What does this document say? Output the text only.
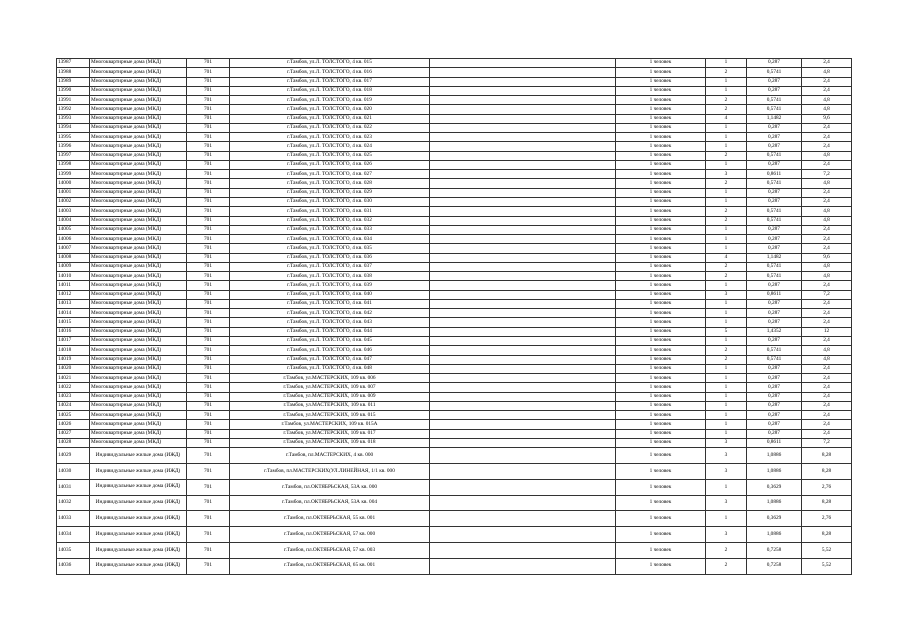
13987	Многоквартирные дома (МКД)	701	г.Тамбов, ул.Л. ТОЛСТОГО, 4 кв. 015		1 человек	1	0,287	2,4
13988	Многоквартирные дома (МКД)	701	г.Тамбов, ул.Л. ТОЛСТОГО, 4 кв. 016		1 человек	2	0,5741	4,8
13989	Многоквартирные дома (МКД)	701	г.Тамбов, ул.Л. ТОЛСТОГО, 4 кв. 017		1 человек	1	0,287	2,4
13990	Многоквартирные дома (МКД)	701	г.Тамбов, ул.Л. ТОЛСТОГО, 4 кв. 018		1 человек	1	0,287	2,4
13991	Многоквартирные дома (МКД)	701	г.Тамбов, ул.Л. ТОЛСТОГО, 4 кв. 019		1 человек	2	0,5741	4,8
13992	Многоквартирные дома (МКД)	701	г.Тамбов, ул.Л. ТОЛСТОГО, 4 кв. 020		1 человек	2	0,5741	4,8
13993	Многоквартирные дома (МКД)	701	г.Тамбов, ул.Л. ТОЛСТОГО, 4 кв. 021		1 человек	4	1,1482	9,6
13994	Многоквартирные дома (МКД)	701	г.Тамбов, ул.Л. ТОЛСТОГО, 4 кв. 022		1 человек	1	0,287	2,4
13995	Многоквартирные дома (МКД)	701	г.Тамбов, ул.Л. ТОЛСТОГО, 4 кв. 023		1 человек	1	0,287	2,4
13996	Многоквартирные дома (МКД)	701	г.Тамбов, ул.Л. ТОЛСТОГО, 4 кв. 024		1 человек	1	0,287	2,4
13997	Многоквартирные дома (МКД)	701	г.Тамбов, ул.Л. ТОЛСТОГО, 4 кв. 025		1 человек	2	0,5741	4,8
13998	Многоквартирные дома (МКД)	701	г.Тамбов, ул.Л. ТОЛСТОГО, 4 кв. 026		1 человек	1	0,287	2,4
13999	Многоквартирные дома (МКД)	701	г.Тамбов, ул.Л. ТОЛСТОГО, 4 кв. 027		1 человек	3	0,8611	7,2
14000	Многоквартирные дома (МКД)	701	г.Тамбов, ул.Л. ТОЛСТОГО, 4 кв. 028		1 человек	2	0,5741	4,8
14001	Многоквартирные дома (МКД)	701	г.Тамбов, ул.Л. ТОЛСТОГО, 4 кв. 029		1 человек	1	0,287	2,4
14002	Многоквартирные дома (МКД)	701	г.Тамбов, ул.Л. ТОЛСТОГО, 4 кв. 030		1 человек	1	0,287	2,4
14003	Многоквартирные дома (МКД)	701	г.Тамбов, ул.Л. ТОЛСТОГО, 4 кв. 031		1 человек	2	0,5741	4,8
14004	Многоквартирные дома (МКД)	701	г.Тамбов, ул.Л. ТОЛСТОГО, 4 кв. 032		1 человек	2	0,5741	4,8
14005	Многоквартирные дома (МКД)	701	г.Тамбов, ул.Л. ТОЛСТОГО, 4 кв. 033		1 человек	1	0,287	2,4
14006	Многоквартирные дома (МКД)	701	г.Тамбов, ул.Л. ТОЛСТОГО, 4 кв. 034		1 человек	1	0,287	2,4
14007	Многоквартирные дома (МКД)	701	г.Тамбов, ул.Л. ТОЛСТОГО, 4 кв. 035		1 человек	1	0,287	2,4
14008	Многоквартирные дома (МКД)	701	г.Тамбов, ул.Л. ТОЛСТОГО, 4 кв. 036		1 человек	4	1,1482	9,6
14009	Многоквартирные дома (МКД)	701	г.Тамбов, ул.Л. ТОЛСТОГО, 4 кв. 037		1 человек	2	0,5741	4,8
14010	Многоквартирные дома (МКД)	701	г.Тамбов, ул.Л. ТОЛСТОГО, 4 кв. 038		1 человек	2	0,5741	4,8
14011	Многоквартирные дома (МКД)	701	г.Тамбов, ул.Л. ТОЛСТОГО, 4 кв. 039		1 человек	1	0,287	2,4
14012	Многоквартирные дома (МКД)	701	г.Тамбов, ул.Л. ТОЛСТОГО, 4 кв. 040		1 человек	3	0,8611	7,2
14013	Многоквартирные дома (МКД)	701	г.Тамбов, ул.Л. ТОЛСТОГО, 4 кв. 041		1 человек	1	0,287	2,4
14014	Многоквартирные дома (МКД)	701	г.Тамбов, ул.Л. ТОЛСТОГО, 4 кв. 042		1 человек	1	0,287	2,4
14015	Многоквартирные дома (МКД)	701	г.Тамбов, ул.Л. ТОЛСТОГО, 4 кв. 043		1 человек	1	0,287	2,4
14016	Многоквартирные дома (МКД)	701	г.Тамбов, ул.Л. ТОЛСТОГО, 4 кв. 044		1 человек	5	1,4352	12
14017	Многоквартирные дома (МКД)	701	г.Тамбов, ул.Л. ТОЛСТОГО, 4 кв. 045		1 человек	1	0,287	2,4
14018	Многоквартирные дома (МКД)	701	г.Тамбов, ул.Л. ТОЛСТОГО, 4 кв. 046		1 человек	2	0,5741	4,8
14019	Многоквартирные дома (МКД)	701	г.Тамбов, ул.Л. ТОЛСТОГО, 4 кв. 047		1 человек	2	0,5741	4,8
14020	Многоквартирные дома (МКД)	701	г.Тамбов, ул.Л. ТОЛСТОГО, 4 кв. 048		1 человек	1	0,287	2,4
14021	Многоквартирные дома (МКД)	701	г.Тамбов, ул.МАСТЕРСКИХ, 109 кв. 006		1 человек	1	0,287	2,4
14022	Многоквартирные дома (МКД)	701	г.Тамбов, ул.МАСТЕРСКИХ, 109 кв. 007		1 человек	1	0,287	2,4
14023	Многоквартирные дома (МКД)	701	г.Тамбов, ул.МАСТЕРСКИХ, 109 кв. 009		1 человек	1	0,287	2,4
14024	Многоквартирные дома (МКД)	701	г.Тамбов, ул.МАСТЕРСКИХ, 109 кв. 011		1 человек	1	0,287	2,4
14025	Многоквартирные дома (МКД)	701	г.Тамбов, ул.МАСТЕРСКИХ, 109 кв. 015		1 человек	1	0,287	2,4
14026	Многоквартирные дома (МКД)	701	г.Тамбов, ул.МАСТЕРСКИХ, 109 кв. 015А		1 человек	1	0,287	2,4
14027	Многоквартирные дома (МКД)	701	г.Тамбов, ул.МАСТЕРСКИХ, 109 кв. 017		1 человек	1	0,287	2,4
14028	Многоквартирные дома (МКД)	701	г.Тамбов, ул.МАСТЕРСКИХ, 109 кв. 018		1 человек	3	0,8611	7,2
14029	Индивидуальные жилые дома (ИЖД)	701	г.Тамбов, пл.МАСТЕРСКИХ, 4 кв. 000		1 человек	3	1,0886	8,28
14030	Индивидуальные жилые дома (ИЖД)	701	г.Тамбов, пл.МАСТЕРСКИХ(УЛ.ЛИНЕЙНАЯ, 1/1 кв. 000		1 человек	3	1,0886	8,28
14031	Индивидуальные жилые дома (ИЖД)	701	г.Тамбов, пл.ОКТЯБРЬСКАЯ, 53А кв. 000		1 человек	1	0,3629	2,76
14032	Индивидуальные жилые дома (ИЖД)	701	г.Тамбов, пл.ОКТЯБРЬСКАЯ, 53А кв. 004		1 человек	3	1,0886	8,28
14033	Индивидуальные жилые дома (ИЖД)	701	г.Тамбов, пл.ОКТЯБРЬСКАЯ, 55 кв. 001		1 человек	1	0,3629	2,76
14034	Индивидуальные жилые дома (ИЖД)	701	г.Тамбов, пл.ОКТЯБРЬСКАЯ, 57 кв. 000		1 человек	3	1,0886	8,28
14035	Индивидуальные жилые дома (ИЖД)	701	г.Тамбов, пл.ОКТЯБРЬСКАЯ, 57 кв. 003		1 человек	2	0,7258	5,52
14036	Индивидуальные жилые дома (ИЖД)	701	г.Тамбов, пл.ОКТЯБРЬСКАЯ, 65 кв. 001		1 человек	2	0,7258	5,52
